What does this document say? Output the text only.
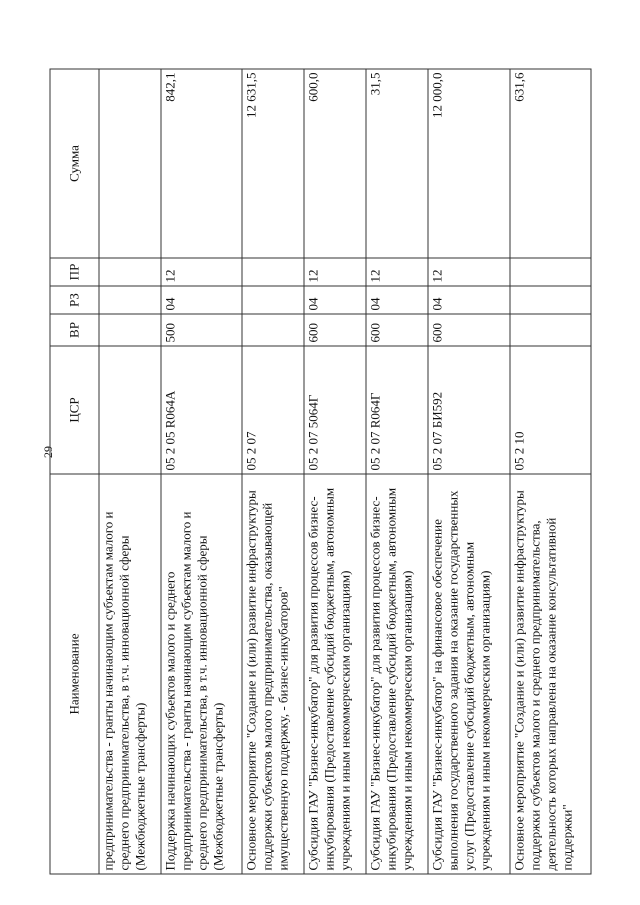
29
Наименование	ЦСР	ВР	РЗ	ПР	Сумма
предпринимательства - гранты начинающим субъектам малого и среднего предпринимательства, в т.ч. инновационной сферы (Межбюджетные трансферты)					
Поддержка начинающих субъектов малого и среднего предпринимательства - гранты начинающим субъектам малого и среднего предпринимательства, в т.ч. инновационной сферы (Межбюджетные трансферты)	05 2 05 R064А	500	04	12	842,1
Основное мероприятие "Создание и (или) развитие инфраструктуры поддержки субъектов малого предпринимательства, оказывающей имущественную поддержку, - бизнес-инкубаторов"	05 2 07				12 631,5
Субсидия ГАУ "Бизнес-инкубатор" для развития процессов бизнес-инкубирования (Предоставление субсидий бюджетным, автономным учреждениям и иным некоммерческим организациям)	05 2 07 5064Г	600	04	12	600,0
Субсидия ГАУ "Бизнес-инкубатор" для развития процессов бизнес-инкубирования (Предоставление субсидий бюджетным, автономным учреждениям и иным некоммерческим организациям)	05 2 07 R064Г	600	04	12	31,5
Субсидия ГАУ "Бизнес-инкубатор" на финансовое обеспечение выполнения государственного задания на оказание государственных услуг (Предоставление субсидий бюджетным, автономным учреждениям и иным некоммерческим организациям)	05 2 07 БИ592	600	04	12	12 000,0
Основное мероприятие "Создание и (или) развитие инфраструктуры поддержки субъектов малого и среднего предпринимательства, деятельность которых направлена на оказание консультативной поддержки"	05 2 10				631,6
